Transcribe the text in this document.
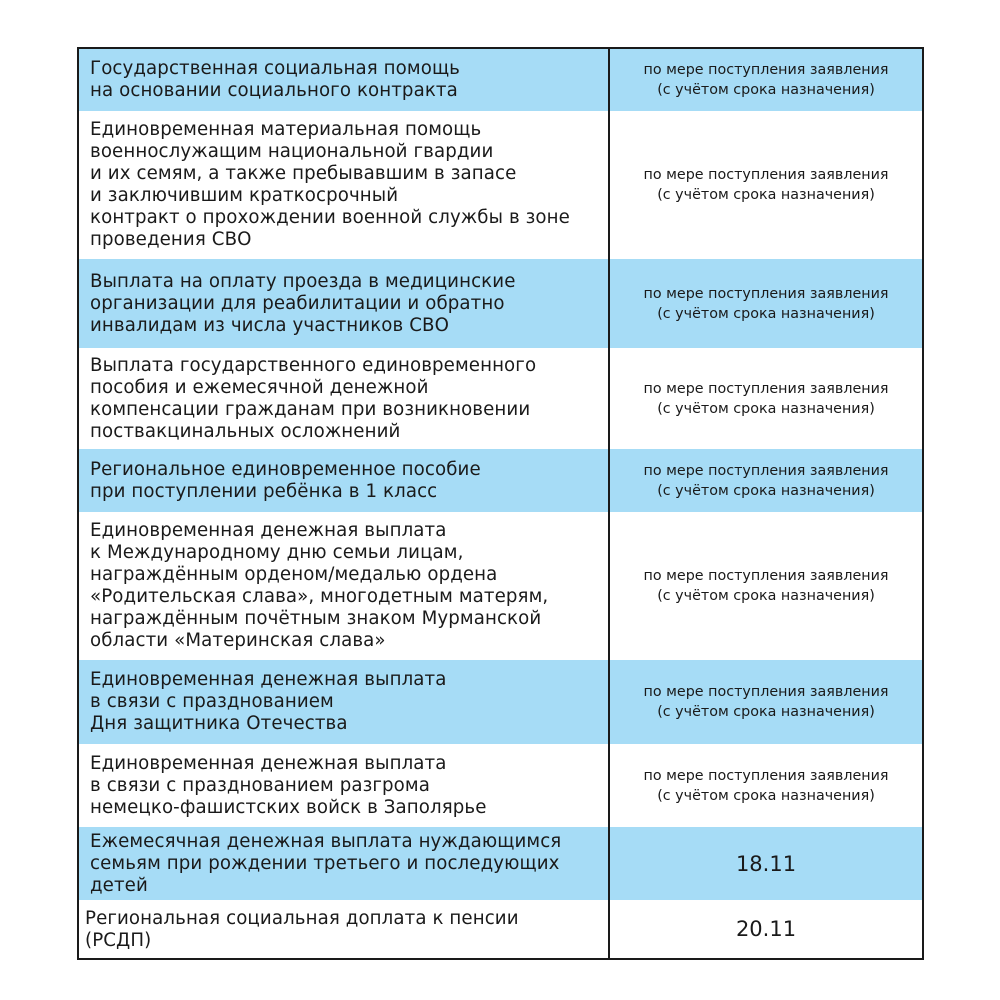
Государственная социальная помощь
на основании социального контракта
по мере поступления заявления
(с учётом срока назначения)
Единовременная материальная помощь
военнослужащим национальной гвардии
и их семям, а также пребывавшим в запасе
и заключившим краткосрочный
контракт о прохождении военной службы в зоне
проведения СВО
по мере поступления заявления
(с учётом срока назначения)
Выплата на оплату проезда в медицинские
организации для реабилитации и обратно
инвалидам из числа участников СВО
по мере поступления заявления
(с учётом срока назначения)
Выплата государственного единовременного
пособия и ежемесячной денежной
компенсации гражданам при возникновении
поствакцинальных осложнений
по мере поступления заявления
(с учётом срока назначения)
Региональное единовременное пособие
при поступлении ребёнка в 1 класс
по мере поступления заявления
(с учётом срока назначения)
Единовременная денежная выплата
к Международному дню семьи лицам,
награждённым орденом/медалью ордена
«Родительская слава», многодетным матерям,
награждённым почётным знаком Мурманской
области «Материнская слава»
по мере поступления заявления
(с учётом срока назначения)
Единовременная денежная выплата
в связи с празднованием
Дня защитника Отечества
по мере поступления заявления
(с учётом срока назначения)
Единовременная денежная выплата
в связи с празднованием разгрома
немецко-фашистских войск в Заполярье
по мере поступления заявления
(с учётом срока назначения)
Ежемесячная денежная выплата нуждающимся
семьям при рождении третьего и последующих
детей
18.11
Региональная социальная доплата к пенсии
(РСДП)	20.11
